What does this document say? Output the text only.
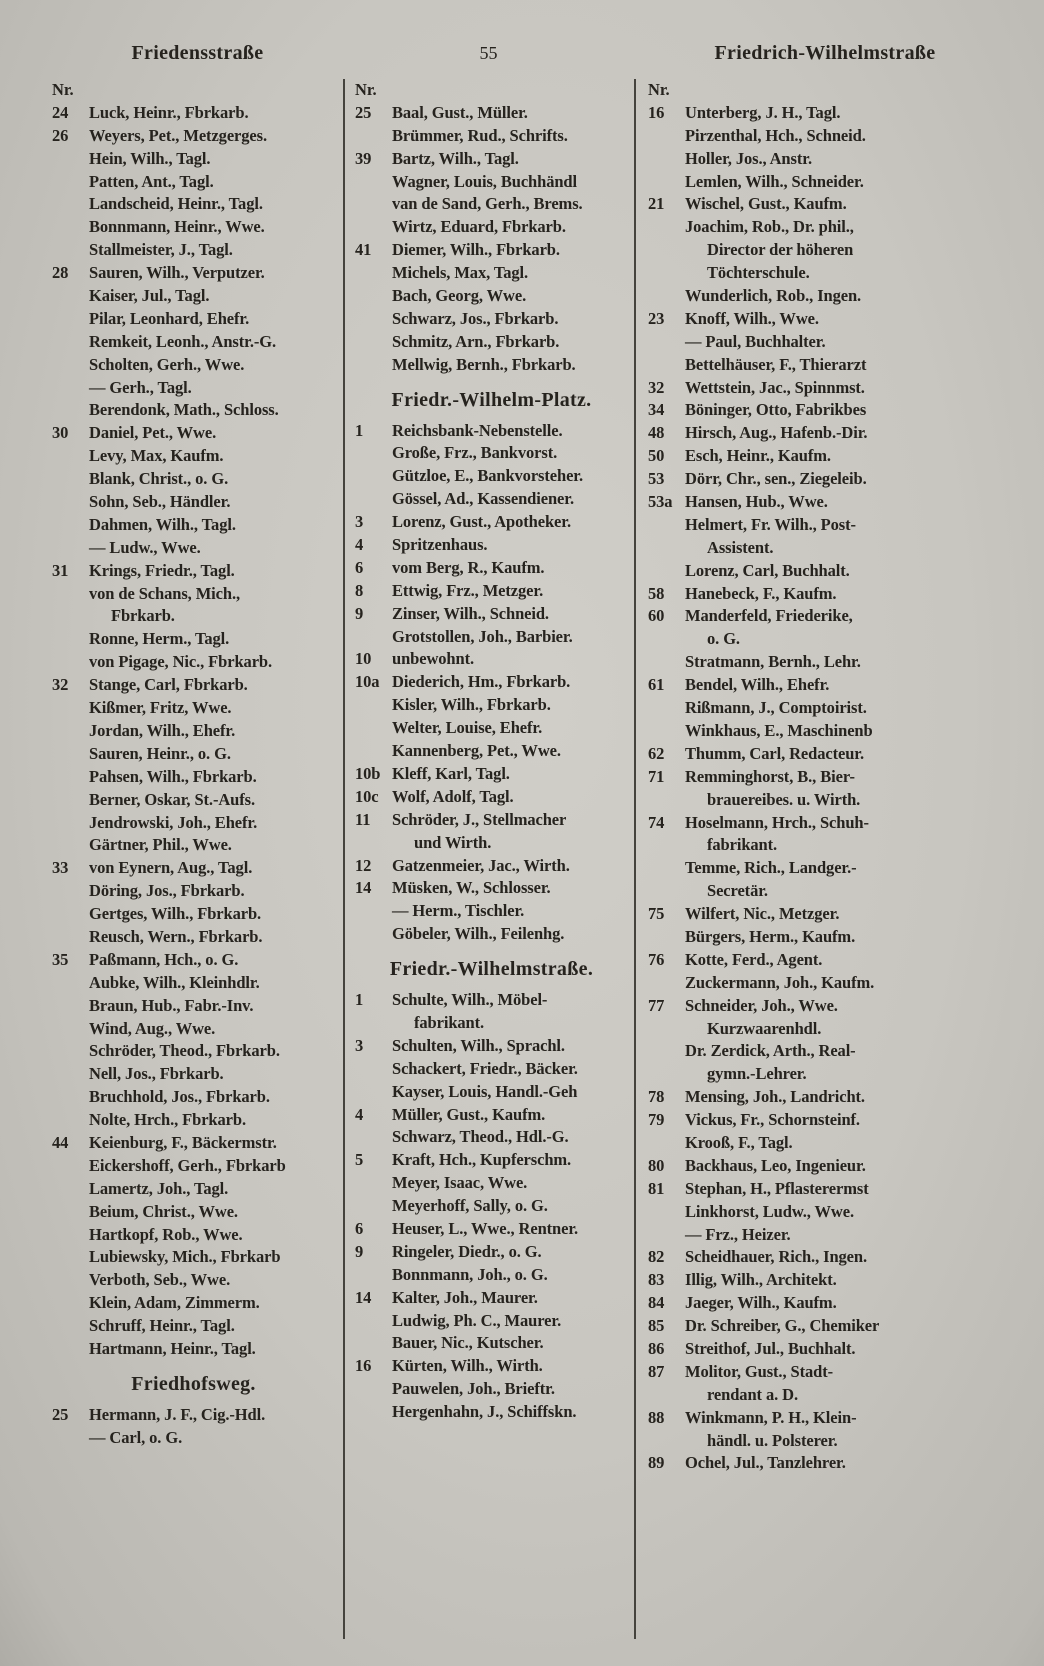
Friedensstraße	55	Friedrich-Wilhelmstraße
Nr.
24	Luck, Heinr., Fbrkarb.
26	Weyers, Pet., Metzgerges.
Hein, Wilh., Tagl.
Patten, Ant., Tagl.
Landscheid, Heinr., Tagl.
Bonnmann, Heinr., Wwe.
Stallmeister, J., Tagl.
28	Sauren, Wilh., Verputzer.
Kaiser, Jul., Tagl.
Pilar, Leonhard, Ehefr.
Remkeit, Leonh., Anstr.-G.
Scholten, Gerh., Wwe.
— Gerh., Tagl.
Berendonk, Math., Schloss.
30	Daniel, Pet., Wwe.
Levy, Max, Kaufm.
Blank, Christ., o. G.
Sohn, Seb., Händler.
Dahmen, Wilh., Tagl.
— Ludw., Wwe.
31	Krings, Friedr., Tagl.
von de Schans, Mich.,
Fbrkarb.
Ronne, Herm., Tagl.
von Pigage, Nic., Fbrkarb.
32	Stange, Carl, Fbrkarb.
Kißmer, Fritz, Wwe.
Jordan, Wilh., Ehefr.
Sauren, Heinr., o. G.
Pahsen, Wilh., Fbrkarb.
Berner, Oskar, St.-Aufs.
Jendrowski, Joh., Ehefr.
Gärtner, Phil., Wwe.
33	von Eynern, Aug., Tagl.
Döring, Jos., Fbrkarb.
Gertges, Wilh., Fbrkarb.
Reusch, Wern., Fbrkarb.
35	Paßmann, Hch., o. G.
Aubke, Wilh., Kleinhdlr.
Braun, Hub., Fabr.-Inv.
Wind, Aug., Wwe.
Schröder, Theod., Fbrkarb.
Nell, Jos., Fbrkarb.
Bruchhold, Jos., Fbrkarb.
Nolte, Hrch., Fbrkarb.
44	Keienburg, F., Bäckermstr.
Eickershoff, Gerh., Fbrkarb
Lamertz, Joh., Tagl.
Beium, Christ., Wwe.
Hartkopf, Rob., Wwe.
Lubiewsky, Mich., Fbrkarb
Verboth, Seb., Wwe.
Klein, Adam, Zimmerm.
Schruff, Heinr., Tagl.
Hartmann, Heinr., Tagl.
Friedhofsweg.
25	Hermann, J. F., Cig.-Hdl.
— Carl, o. G.
Nr.
25	Baal, Gust., Müller.
Brümmer, Rud., Schrifts.
39	Bartz, Wilh., Tagl.
Wagner, Louis, Buchhändl
van de Sand, Gerh., Brems.
Wirtz, Eduard, Fbrkarb.
41	Diemer, Wilh., Fbrkarb.
Michels, Max, Tagl.
Bach, Georg, Wwe.
Schwarz, Jos., Fbrkarb.
Schmitz, Arn., Fbrkarb.
Mellwig, Bernh., Fbrkarb.
Friedr.-Wilhelm-Platz.
1	Reichsbank-Nebenstelle.
Große, Frz., Bankvorst.
Gützloe, E., Bankvorsteher.
Gössel, Ad., Kassendiener.
3	Lorenz, Gust., Apotheker.
4	Spritzenhaus.
6	vom Berg, R., Kaufm.
8	Ettwig, Frz., Metzger.
9	Zinser, Wilh., Schneid.
Grotstollen, Joh., Barbier.
10	unbewohnt.
10a Diederich, Hm., Fbrkarb.
Kisler, Wilh., Fbrkarb.
Welter, Louise, Ehefr.
Kannenberg, Pet., Wwe.
10b Kleff, Karl, Tagl.
10c Wolf, Adolf, Tagl.
11	Schröder, J., Stellmacher
und Wirth.
12	Gatzenmeier, Jac., Wirth.
14	Müsken, W., Schlosser.
— Herm., Tischler.
Göbeler, Wilh., Feilenhg.
Friedr.-Wilhelmstraße.
1	Schulte, Wilh., Möbel-
fabrikant.
3	Schulten, Wilh., Sprachl.
Schackert, Friedr., Bäcker.
Kayser, Louis, Handl.-Geh
4	Müller, Gust., Kaufm.
Schwarz, Theod., Hdl.-G.
5	Kraft, Hch., Kupferschm.
Meyer, Isaac, Wwe.
Meyerhoff, Sally, o. G.
6	Heuser, L., Wwe., Rentner.
9	Ringeler, Diedr., o. G.
Bonnmann, Joh., o. G.
14	Kalter, Joh., Maurer.
Ludwig, Ph. C., Maurer.
Bauer, Nic., Kutscher.
16	Kürten, Wilh., Wirth.
Pauwelen, Joh., Brieftr.
Hergenhahn, J., Schiffskn.
Nr.
16	Unterberg, J. H., Tagl.
Pirzenthal, Hch., Schneid.
Holler, Jos., Anstr.
Lemlen, Wilh., Schneider.
21	Wischel, Gust., Kaufm.
Joachim, Rob., Dr. phil.,
Director der höheren
Töchterschule.
Wunderlich, Rob., Ingen.
23	Knoff, Wilh., Wwe.
— Paul, Buchhalter.
Bettelhäuser, F., Thierarzt
32	Wettstein, Jac., Spinnmst.
34	Böninger, Otto, Fabrikbes
48	Hirsch, Aug., Hafenb.-Dir.
50	Esch, Heinr., Kaufm.
53	Dörr, Chr., sen., Ziegeleib.
53a Hansen, Hub., Wwe.
Helmert, Fr. Wilh., Post-
Assistent.
Lorenz, Carl, Buchhalt.
58	Hanebeck, F., Kaufm.
60	Manderfeld, Friederike,
o. G.
Stratmann, Bernh., Lehr.
61	Bendel, Wilh., Ehefr.
Rißmann, J., Comptoirist.
Winkhaus, E., Maschinenb
62	Thumm, Carl, Redacteur.
71	Remminghorst, B., Bier-
brauereibes. u. Wirth.
74	Hoselmann, Hrch., Schuh-
fabrikant.
Temme, Rich., Landger.-
Secretär.
75	Wilfert, Nic., Metzger.
Bürgers, Herm., Kaufm.
76	Kotte, Ferd., Agent.
Zuckermann, Joh., Kaufm.
77	Schneider, Joh., Wwe.
Kurzwaarenhdl.
Dr. Zerdick, Arth., Real-
gymn.-Lehrer.
78	Mensing, Joh., Landricht.
79	Vickus, Fr., Schornsteinf.
Krooß, F., Tagl.
80	Backhaus, Leo, Ingenieur.
81	Stephan, H., Pflasterermst
Linkhorst, Ludw., Wwe.
— Frz., Heizer.
82	Scheidhauer, Rich., Ingen.
83	Illig, Wilh., Architekt.
84	Jaeger, Wilh., Kaufm.
85	Dr. Schreiber, G., Chemiker
86	Streithof, Jul., Buchhalt.
87	Molitor, Gust., Stadt-
rendant a. D.
88	Winkmann, P. H., Klein-
händl. u. Polsterer.
89	Ochel, Jul., Tanzlehrer.
